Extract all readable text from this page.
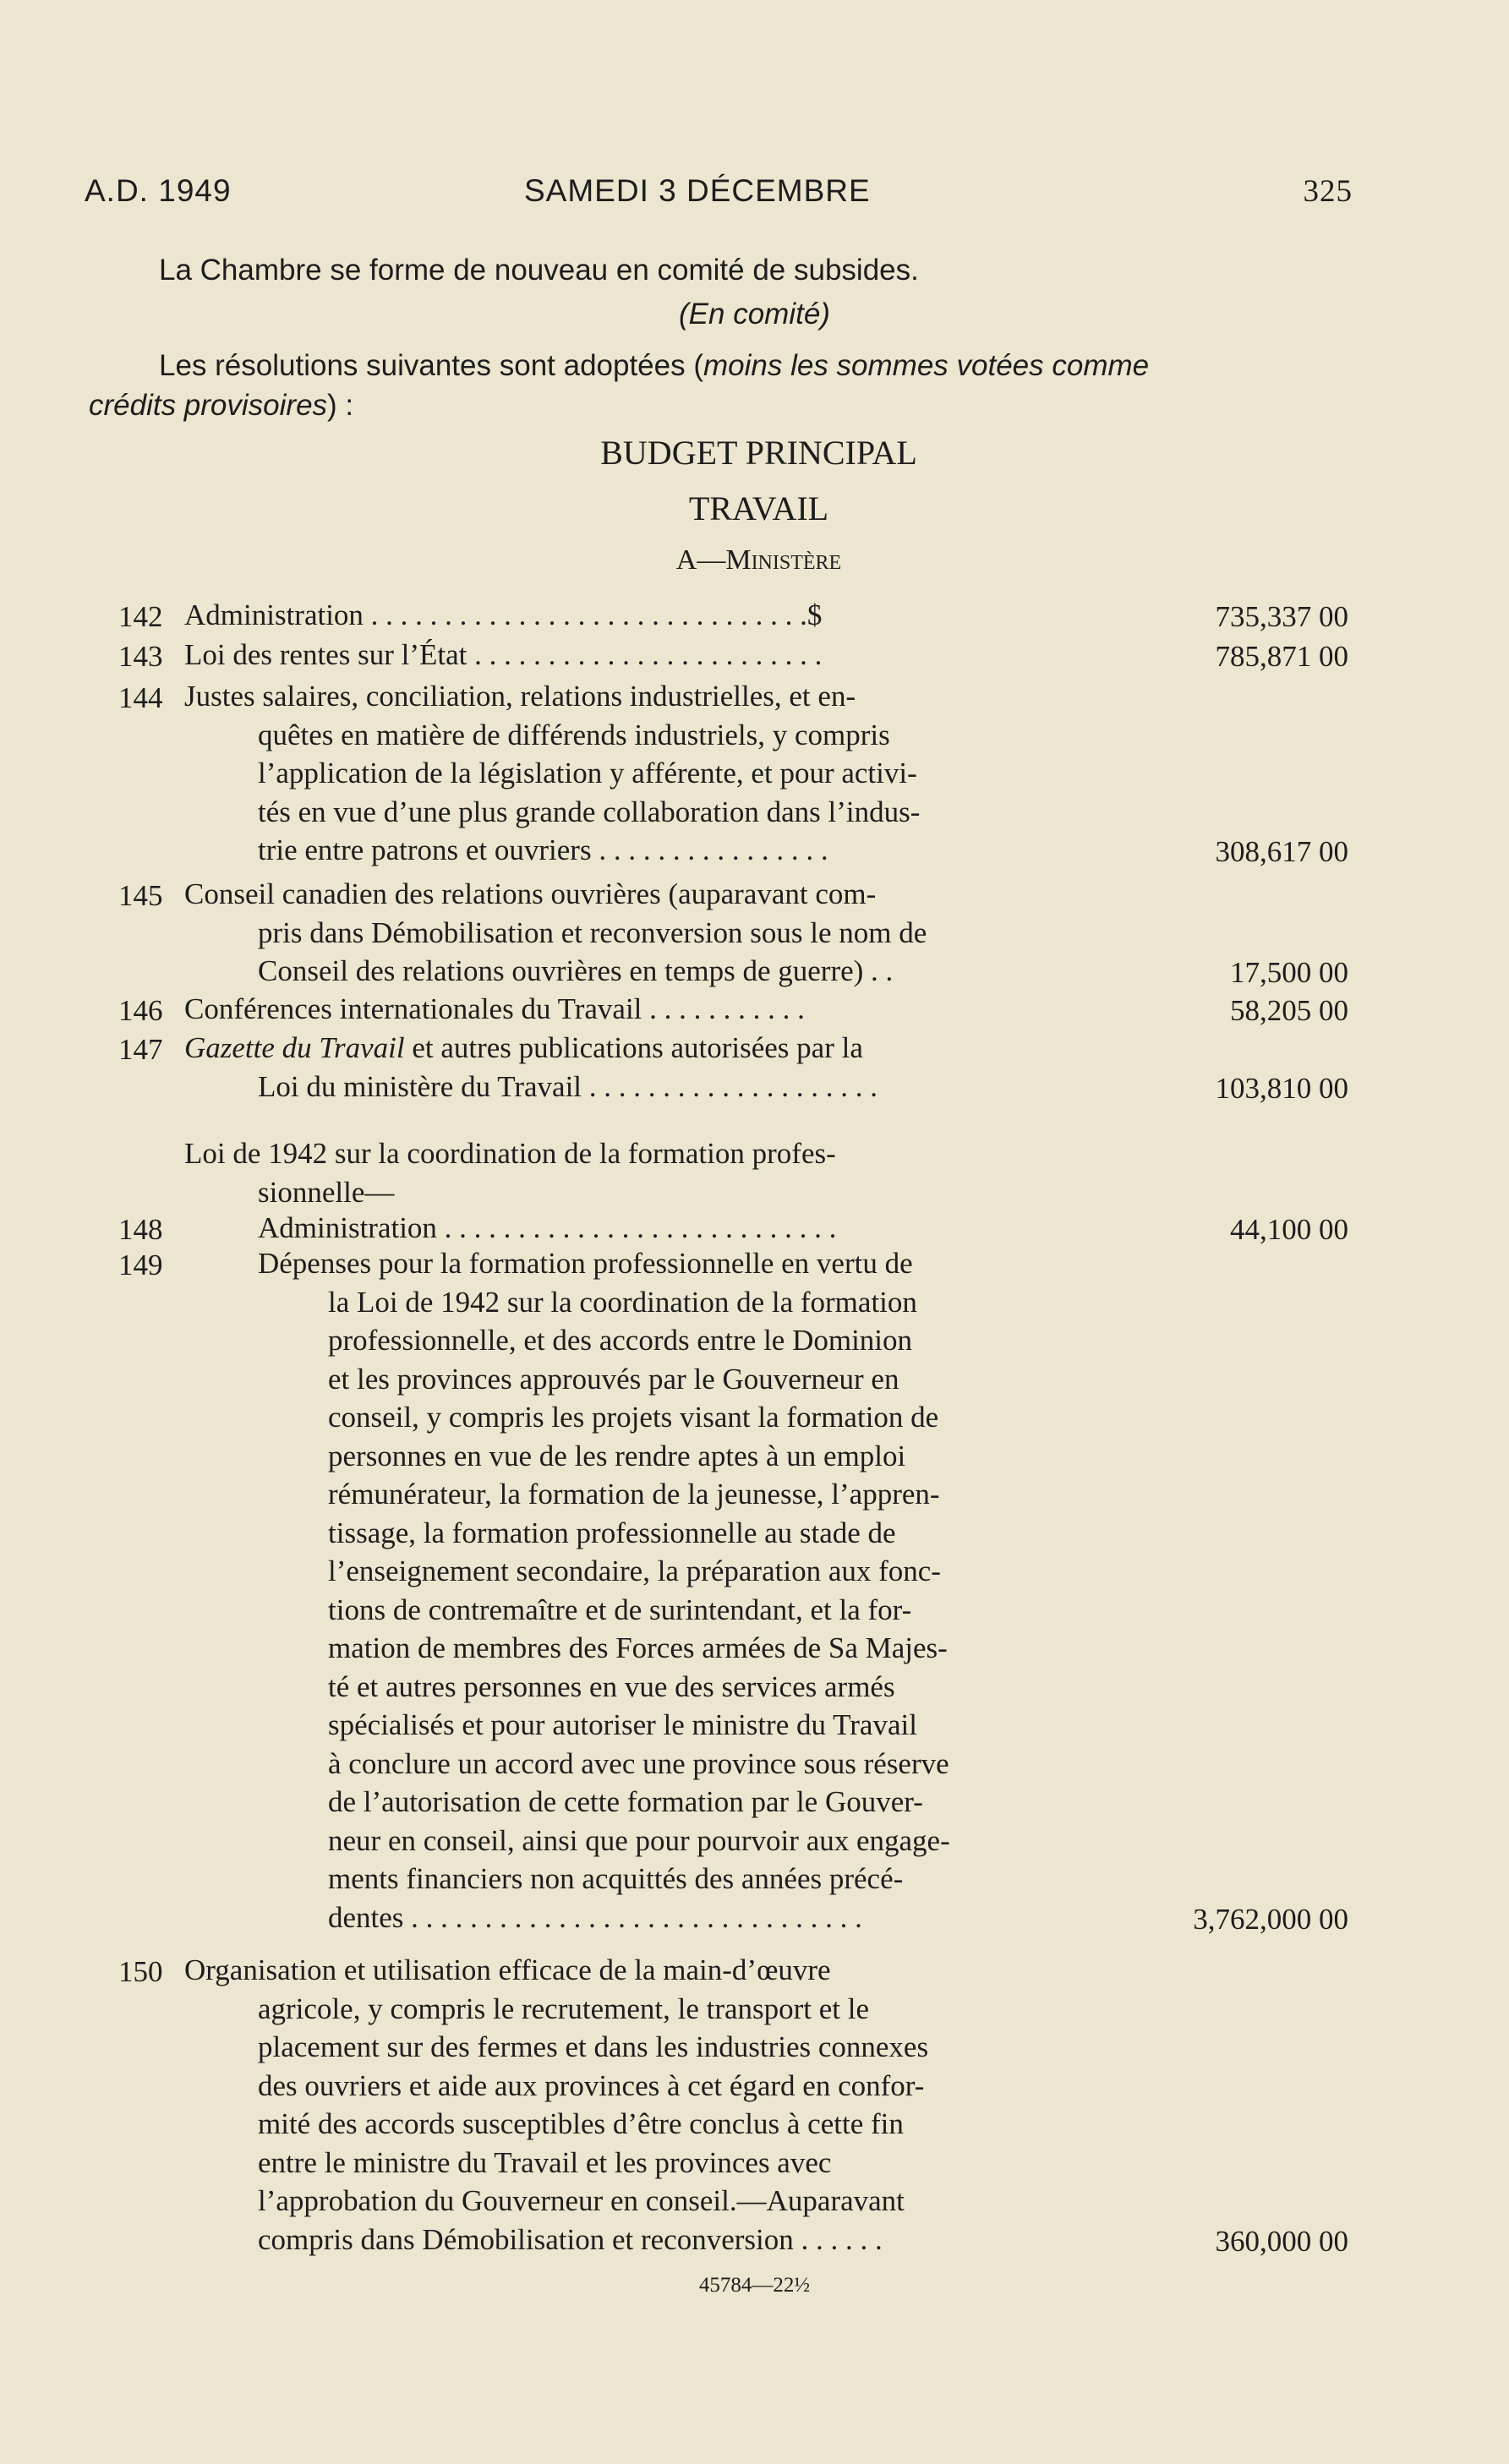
A.D. 1949	SAMEDI 3 DÉCEMBRE	325
La Chambre se forme de nouveau en comité de subsides.
(En comité)
Les résolutions suivantes sont adoptées (moins les sommes votées comme
crédits provisoires) :
BUDGET PRINCIPAL
TRAVAIL
A—Ministère
142 Administration . . . . . . . . . . . . . . . . . . . . . . . . . . . . . .$	735,337 00
143 Loi des rentes sur l’État . . . . . . . . . . . . . . . . . . . . . . . .	785,871 00
144 Justes salaires, conciliation, relations industrielles, et en-
quêtes en matière de différends industriels, y compris
l’application de la législation y afférente, et pour activi-
tés en vue d’une plus grande collaboration dans l’indus-
trie entre patrons et ouvriers . . . . . . . . . . . . . . . .	308,617 00
145 Conseil canadien des relations ouvrières (auparavant com-
pris dans Démobilisation et reconversion sous le nom de
Conseil des relations ouvrières en temps de guerre) . .	17,500 00
146 Conférences internationales du Travail . . . . . . . . . . .	58,205 00
147 Gazette du Travail et autres publications autorisées par la
Loi du ministère du Travail . . . . . . . . . . . . . . . . . . . .	103,810 00
Loi de 1942 sur la coordination de la formation profes-
sionnelle—
148	Administration . . . . . . . . . . . . . . . . . . . . . . . . . . .	44,100 00
149	Dépenses pour la formation professionnelle en vertu de
la Loi de 1942 sur la coordination de la formation
professionnelle, et des accords entre le Dominion
et les provinces approuvés par le Gouverneur en
conseil, y compris les projets visant la formation de
personnes en vue de les rendre aptes à un emploi
rémunérateur, la formation de la jeunesse, l’appren-
tissage, la formation professionnelle au stade de
l’enseignement secondaire, la préparation aux fonc-
tions de contremaître et de surintendant, et la for-
mation de membres des Forces armées de Sa Majes-
té et autres personnes en vue des services armés
spécialisés et pour autoriser le ministre du Travail
à conclure un accord avec une province sous réserve
de l’autorisation de cette formation par le Gouver-
neur en conseil, ainsi que pour pourvoir aux engage-
ments financiers non acquittés des années précé-
dentes . . . . . . . . . . . . . . . . . . . . . . . . . . . . . . .	3,762,000 00
150 Organisation et utilisation efficace de la main-d’œuvre
agricole, y compris le recrutement, le transport et le
placement sur des fermes et dans les industries connexes
des ouvriers et aide aux provinces à cet égard en confor-
mité des accords susceptibles d’être conclus à cette fin
entre le ministre du Travail et les provinces avec
l’approbation du Gouverneur en conseil.—Auparavant
compris dans Démobilisation et reconversion . . . . . .	360,000 00
45784—22½
